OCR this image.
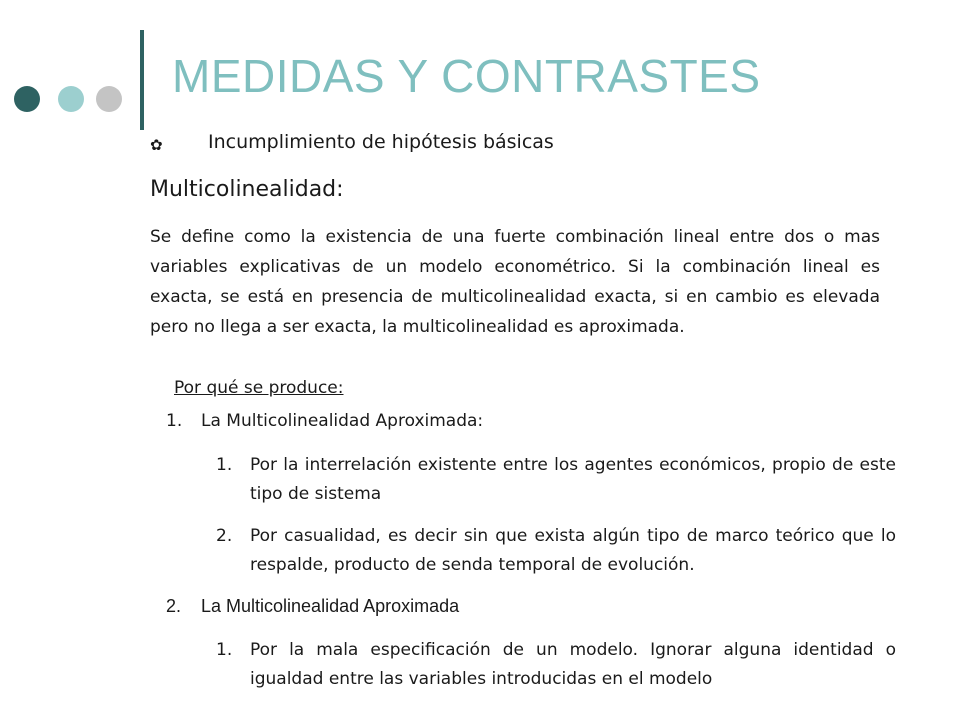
MEDIDAS Y CONTRASTES
✿ Incumplimiento de hipótesis básicas
Multicolinealidad:

Se define como la existencia de una fuerte combinación lineal entre dos o mas variables explicativas de un modelo econométrico. Si la combinación lineal es exacta, se está en presencia de multicolinealidad exacta, si en cambio es elevada pero no llega a ser exacta, la multicolinealidad es aproximada.

Por qué se produce:
1. La Multicolinealidad Aproximada:
1. Por la interrelación existente entre los agentes económicos, propio de este tipo de sistema
2. Por casualidad, es decir sin que exista algún tipo de marco teórico que lo respalde, producto de senda temporal de evolución.
2. La Multicolinealidad Aproximada
1. Por la mala especificación de un modelo. Ignorar alguna identidad o igualdad entre las variables introducidas en el modelo
